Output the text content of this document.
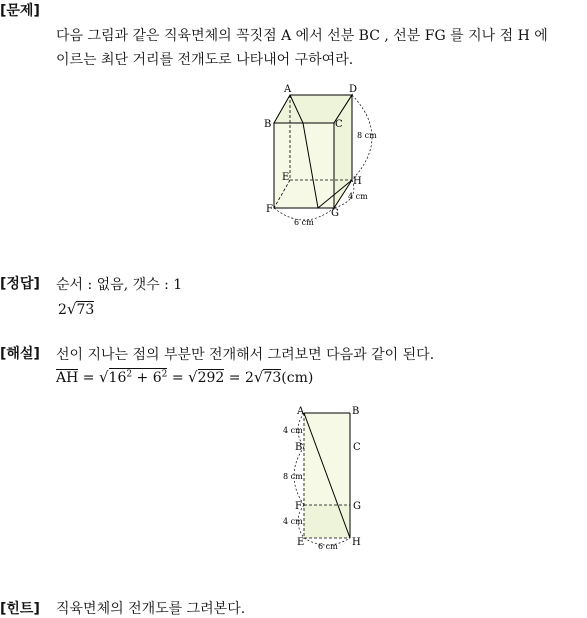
[문제]
다음 그림과 같은 직육면체의 꼭짓점 A 에서 선분 BC , 선분 FG 를 지나 점 H 에
이르는 최단 거리를 전개도로 나타내어 구하여라.
A	D
B	C
E	H
F	G
8 cm
4 cm
6 cm
[정답] 순서 : 없음, 갯수 : 1
2√73
[해설] 선이 지나는 점의 부분만 전개해서 그려보면 다음과 같이 된다.
AH = $√16^2 + 6^2 = √292 = 2√73(cm)$
A	B
B	C
F	G
E	H
4 cm
8 cm
4 cm
6 cm
[힌트] 직육면체의 전개도를 그려본다.
